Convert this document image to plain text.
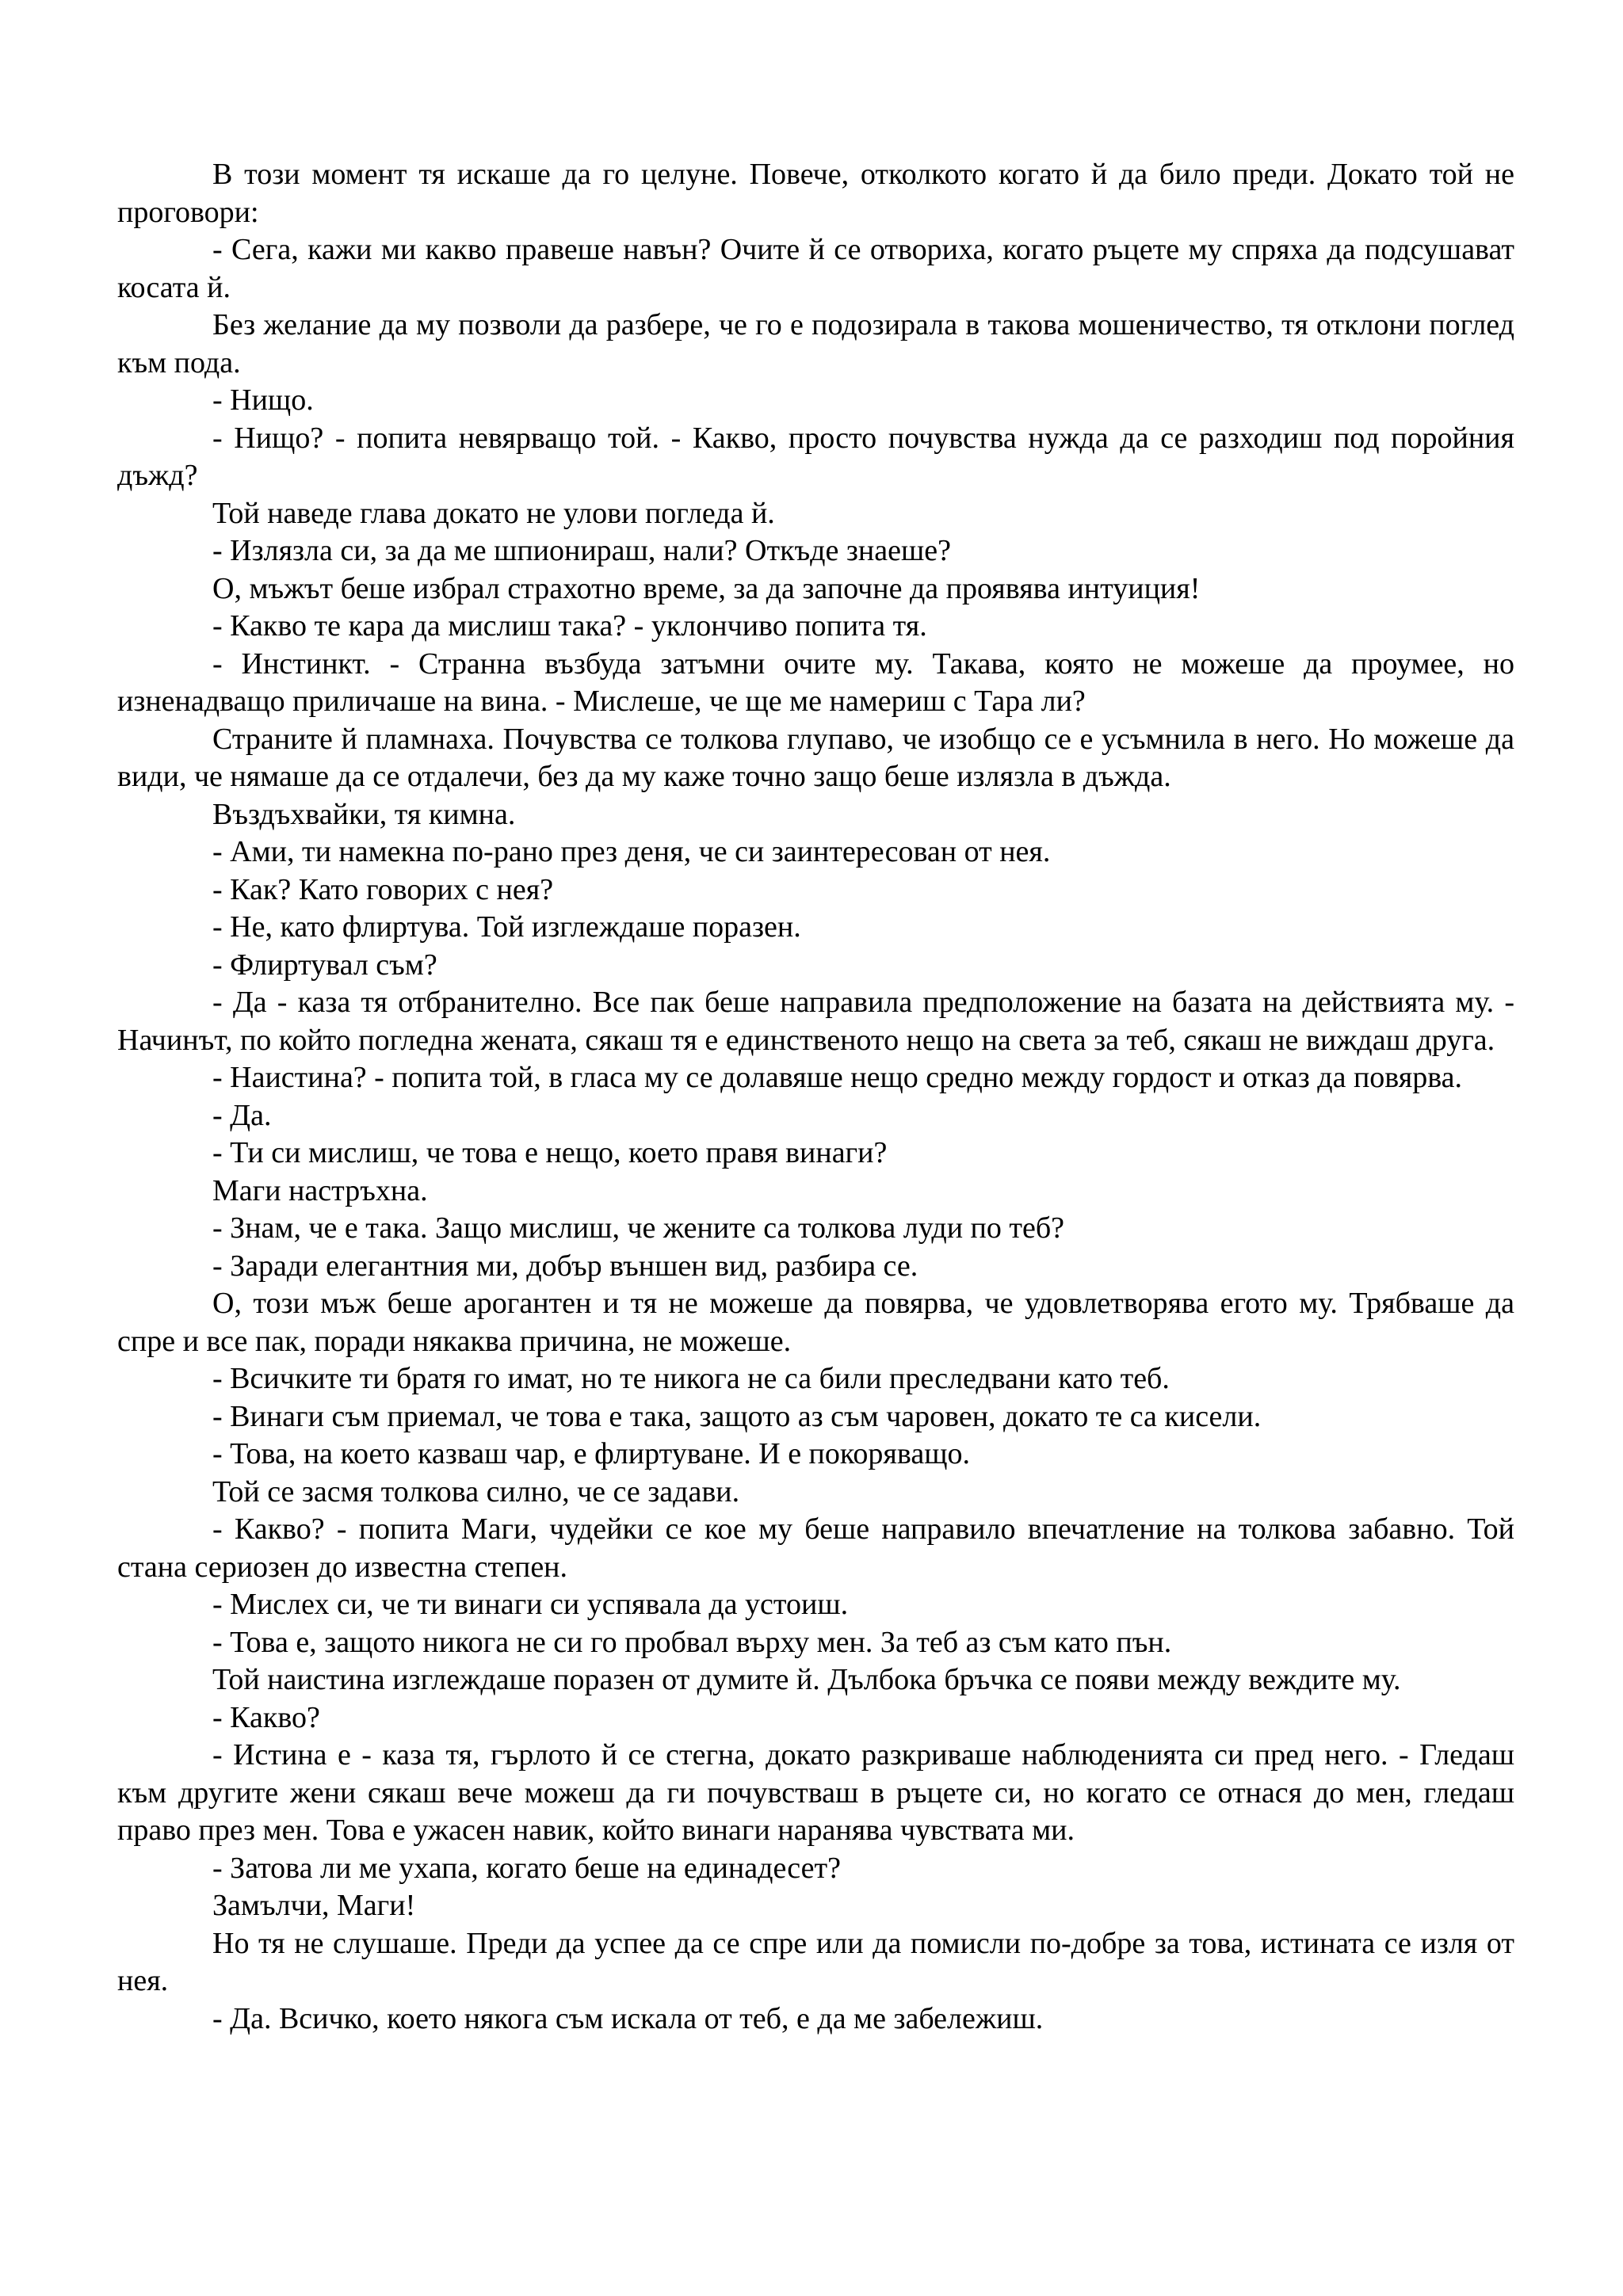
В този момент тя искаше да го целуне. Повече, отколкото когато й да било преди. Докато той не проговори:

- Сега, кажи ми какво правеше навън? Очите й се отвориха, когато ръцете му спряха да подсушават косата й.

Без желание да му позволи да разбере, че го е подозирала в такова мошеничество, тя отклони поглед към пода.

- Нищо.

- Нищо? - попита невярващо той. - Какво, просто почувства нужда да се разходиш под поройния дъжд?

Той наведе глава докато не улови погледа й.

- Излязла си, за да ме шпионираш, нали? Откъде знаеше?

О, мъжът беше избрал страхотно време, за да започне да проявява интуиция!

- Какво те кара да мислиш така? - уклончиво попита тя.

- Инстинкт. - Странна възбуда затъмни очите му. Такава, която не можеше да проумее, но изненадващо приличаше на вина. - Мислеше, че ще ме намериш с Тара ли?

Страните й пламнаха. Почувства се толкова глупаво, че изобщо се е усъмнила в него. Но можеше да види, че нямаше да се отдалечи, без да му каже точно защо беше излязла в дъжда.

Въздъхвайки, тя кимна.

- Ами, ти намекна по-рано през деня, че си заинтересован от нея.

- Как? Като говорих с нея?

- Не, като флиртува. Той изглеждаше поразен.

- Флиртувал съм?

- Да - каза тя отбранително. Все пак беше направила предположение на базата на действията му. - Начинът, по който погледна жената, сякаш тя е единственото нещо на света за теб, сякаш не виждаш друга.

- Наистина? - попита той, в гласа му се долавяше нещо средно между гордост и отказ да повярва.

- Да.

- Ти си мислиш, че това е нещо, което правя винаги?

Маги настръхна.

- Знам, че е така. Защо мислиш, че жените са толкова луди по теб?

- Заради елегантния ми, добър външен вид, разбира се.

О, този мъж беше арогантен и тя не можеше да повярва, че удовлетворява егото му. Трябваше да спре и все пак, поради някаква причина, не можеше.

- Всичките ти братя го имат, но те никога не са били преследвани като теб.

- Винаги съм приемал, че това е така, защото аз съм чаровен, докато те са кисели.

- Това, на което казваш чар, е флиртуване. И е покоряващо.

Той се засмя толкова силно, че се задави.

- Какво? - попита Маги, чудейки се кое му беше направило впечатление на толкова забавно. Той стана сериозен до известна степен.

- Мислех си, че ти винаги си успявала да устоиш.

- Това е, защото никога не си го пробвал върху мен. За теб аз съм като пън.

Той наистина изглеждаше поразен от думите й. Дълбока бръчка се появи между веждите му.

- Какво?

- Истина е - каза тя, гърлото й се стегна, докато разкриваше наблюденията си пред него. - Гледаш към другите жени сякаш вече можеш да ги почувстваш в ръцете си, но когато се отнася до мен, гледаш право през мен. Това е ужасен навик, който винаги наранява чувствата ми.

- Затова ли ме ухапа, когато беше на единадесет?

Замълчи, Маги!

Но тя не слушаше. Преди да успее да се спре или да помисли по-добре за това, истината се изля от нея.

- Да. Всичко, което някога съм искала от теб, е да ме забележиш.
